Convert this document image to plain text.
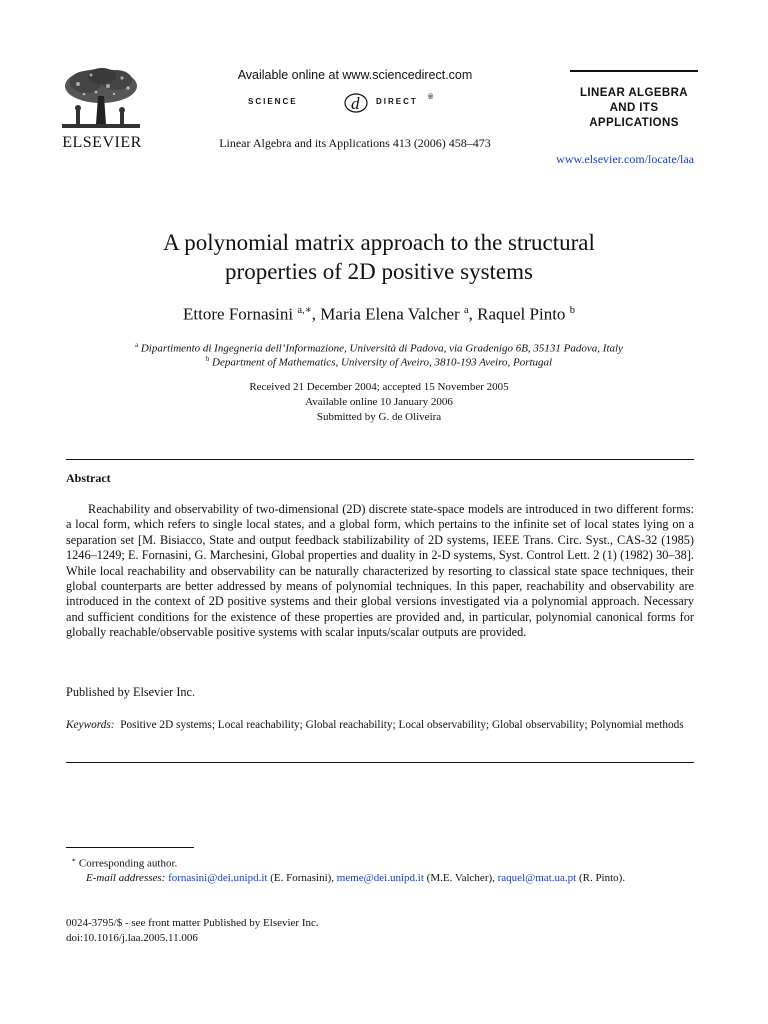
ELSEVIER
Available online at www.sciencedirect.com
SCIENCE	d DIRECT ®
Linear Algebra and its Applications 413 (2006) 458–473
LINEAR ALGEBRA
AND ITS
APPLICATIONS
www.elsevier.com/locate/laa
A polynomial matrix approach to the structural
properties of 2D positive systems
Ettore Fornasini $^{a,∗}$, Maria Elena Valcher $^a$, Raquel Pinto $^b$
$^a$ Dipartimento di Ingegneria dell’Informazione, Università di Padova, via Gradenigo 6B, 35131 Padova, Italy
$^b$ Department of Mathematics, University of Aveiro, 3810-193 Aveiro, Portugal
Received 21 December 2004; accepted 15 November 2005
Available online 10 January 2006
Submitted by G. de Oliveira
Abstract

Reachability and observability of two-dimensional (2D) discrete state-space models are introduced in two different forms: a local form, which refers to single local states, and a global form, which pertains to the infinite set of local states lying on a separation set [M. Bisiacco, State and output feedback stabilizability of 2D systems, IEEE Trans. Circ. Syst., CAS-32 (1985) 1246–1249; E. Fornasini, G. Marchesini, Global properties and duality in 2-D systems, Syst. Control Lett. 2 (1) (1982) 30–38]. While local reachability and observability can be naturally characterized by resorting to classical state space techniques, their global counterparts are better addressed by means of polynomial techniques. In this paper, reachability and observability are introduced in the context of 2D positive systems and their global versions investigated via a polynomial approach. Necessary and sufficient conditions for the existence of these properties are provided and, in particular, polynomial canonical forms for globally reachable/observable positive systems with scalar inputs/scalar outputs are provided.

Published by Elsevier Inc.
Keywords: Positive 2D systems; Local reachability; Global reachability; Local observability; Global observability; Polynomial methods
∗ Corresponding author.
E-mail addresses: fornasini@dei.unipd.it (E. Fornasini), meme@dei.unipd.it (M.E. Valcher), raquel@mat.ua.pt (R. Pinto).
0024-3795/$ - see front matter Published by Elsevier Inc.
doi:10.1016/j.laa.2005.11.006
